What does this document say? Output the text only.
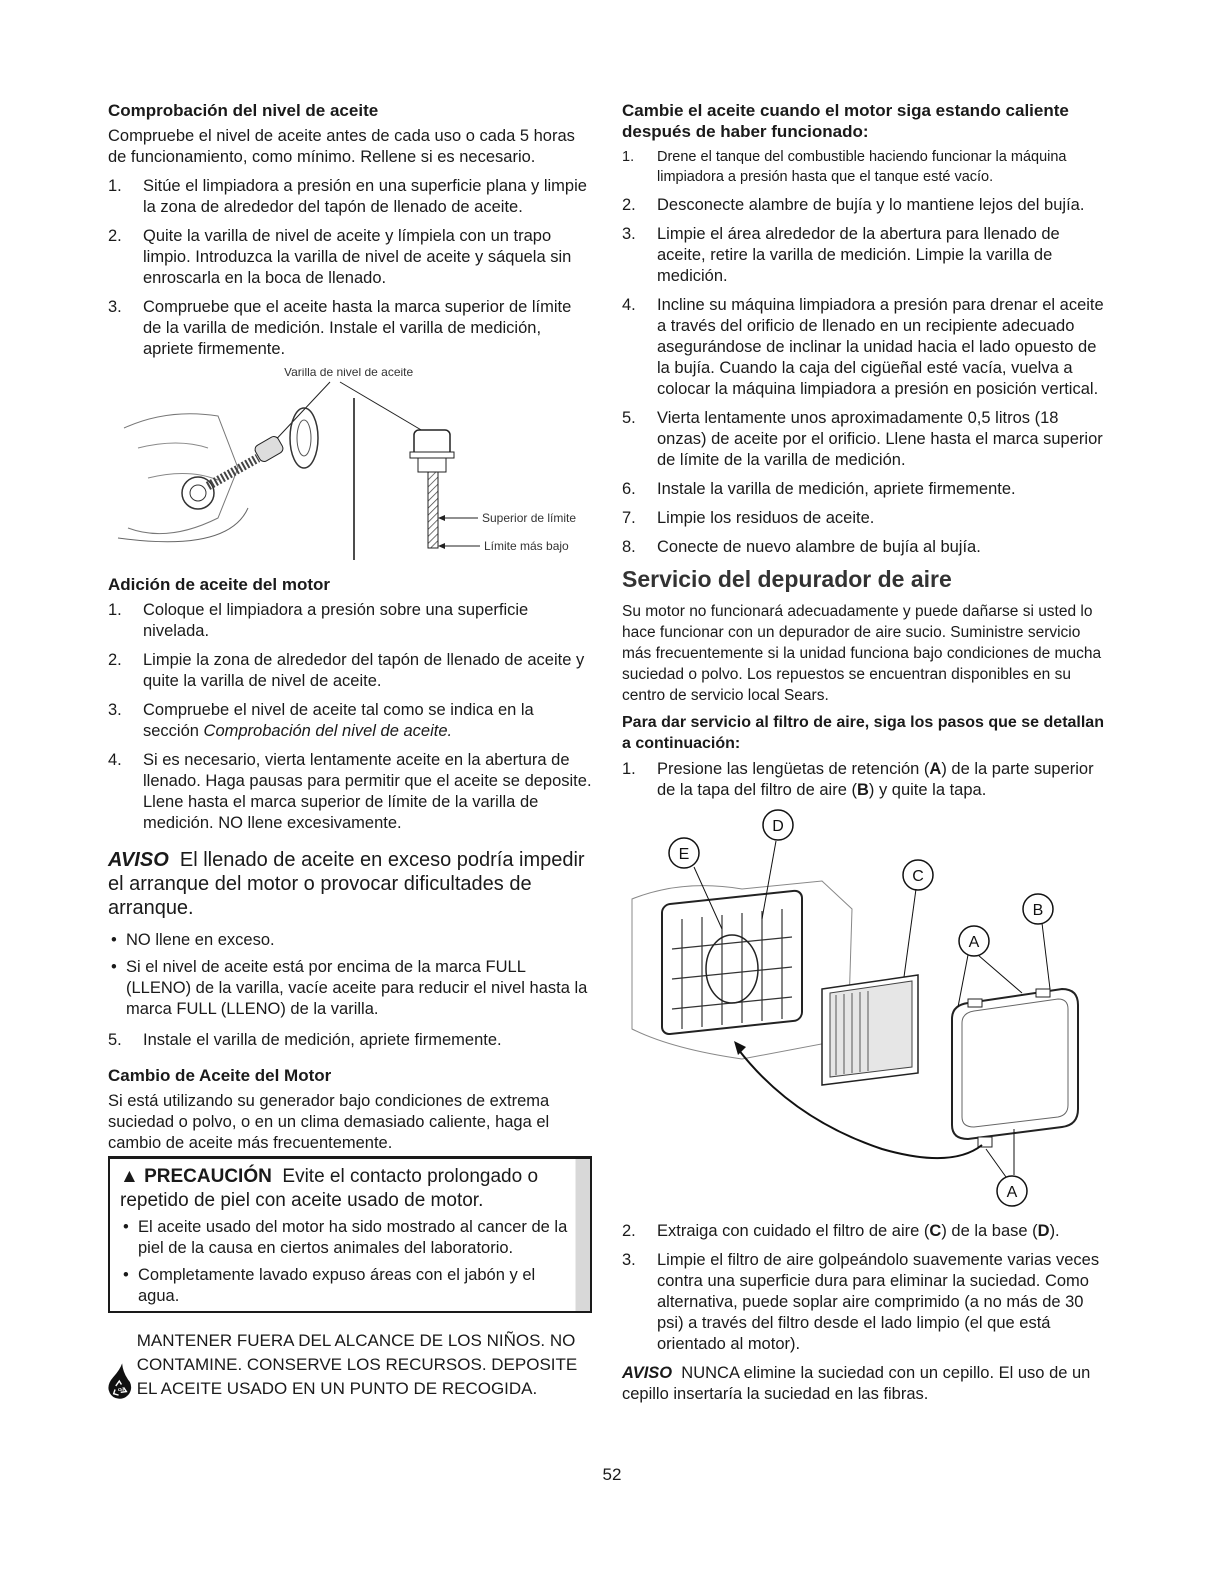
Comprobación del nivel de aceite

Compruebe el nivel de aceite antes de cada uso o cada 5 horas de funcionamiento, como mínimo. Rellene si es necesario.

1. Sitúe el limpiadora a presión en una superficie plana y limpie la zona de alrededor del tapón de llenado de aceite.
2. Quite la varilla de nivel de aceite y límpiela con un trapo limpio. Introduzca la varilla de nivel de aceite y sáquela sin enroscarla en la boca de llenado.
3. Compruebe que el aceite hasta la marca superior de límite de la varilla de medición. Instale el varilla de medición, apriete firmemente.
Varilla de nivel de aceite
Superior de límite
Límite más bajo
Adición de aceite del motor
1. Coloque el limpiadora a presión sobre una superficie nivelada.
2. Limpie la zona de alrededor del tapón de llenado de aceite y quite la varilla de nivel de aceite.
3. Compruebe el nivel de aceite tal como se indica en la sección Comprobación del nivel de aceite.
4. Si es necesario, vierta lentamente aceite en la abertura de llenado. Haga pausas para permitir que el aceite se deposite. Llene hasta el marca superior de límite de la varilla de medición. NO llene excesivamente.
AVISO El llenado de aceite en exceso podría impedir el arranque del motor o provocar dificultades de arranque.
• NO llene en exceso.
• Si el nivel de aceite está por encima de la marca FULL (LLENO) de la varilla, vacíe aceite para reducir el nivel hasta la marca FULL (LLENO) de la varilla.
5. Instale el varilla de medición, apriete firmemente.
Cambio de Aceite del Motor

Si está utilizando su generador bajo condiciones de extrema suciedad o polvo, o en un clima demasiado caliente, haga el cambio de aceite más frecuentemente.

▲ PRECAUCIÓN Evite el contacto prolongado o repetido de piel con aceite usado de motor.
• El aceite usado del motor ha sido mostrado al cancer de la piel de la causa en ciertos animales del laboratorio.
• Completamente lavado expuso áreas con el jabón y el agua.
Oil
MANTENER FUERA DEL ALCANCE DE LOS NIÑOS. NO CONTAMINE. CONSERVE LOS RECURSOS. DEPOSITE EL ACEITE USADO EN UN PUNTO DE RECOGIDA.
Cambie el aceite cuando el motor siga estando caliente después de haber funcionado:
1. Drene el tanque del combustible haciendo funcionar la máquina limpiadora a presión hasta que el tanque esté vacío.
2. Desconecte alambre de bujía y lo mantiene lejos del bujía.
3. Limpie el área alrededor de la abertura para llenado de aceite, retire la varilla de medición. Limpie la varilla de medición.
4. Incline su máquina limpiadora a presión para drenar el aceite a través del orificio de llenado en un recipiente adecuado asegurándose de inclinar la unidad hacia el lado opuesto de la bujía. Cuando la caja del cigüeñal esté vacía, vuelva a colocar la máquina limpiadora a presión en posición vertical.
5. Vierta lentamente unos aproximadamente 0,5 litros (18 onzas) de aceite por el orificio. Llene hasta el marca superior de límite de la varilla de medición.
6. Instale la varilla de medición, apriete firmemente.
7. Limpie los residuos de aceite.
8. Conecte de nuevo alambre de bujía al bujía.
Servicio del depurador de aire

Su motor no funcionará adecuadamente y puede dañarse si usted lo hace funcionar con un depurador de aire sucio. Suministre servicio más frecuentemente si la unidad funciona bajo condiciones de mucha suciedad o polvo. Los repuestos se encuentran disponibles en su centro de servicio local Sears.

Para dar servicio al filtro de aire, siga los pasos que se detallan a continuación:
1. Presione las lengüetas de retención (A) de la parte superior de la tapa del filtro de aire (B) y quite la tapa.
D
E
C
B
A
A
2. Extraiga con cuidado el filtro de aire (C) de la base (D).
3. Limpie el filtro de aire golpeándolo suavemente varias veces contra una superficie dura para eliminar la suciedad. Como alternativa, puede soplar aire comprimido (a no más de 30 psi) a través del filtro desde el lado limpio (el que está orientado al motor).

AVISO NUNCA elimine la suciedad con un cepillo. El uso de un cepillo insertaría la suciedad en las fibras.

52
